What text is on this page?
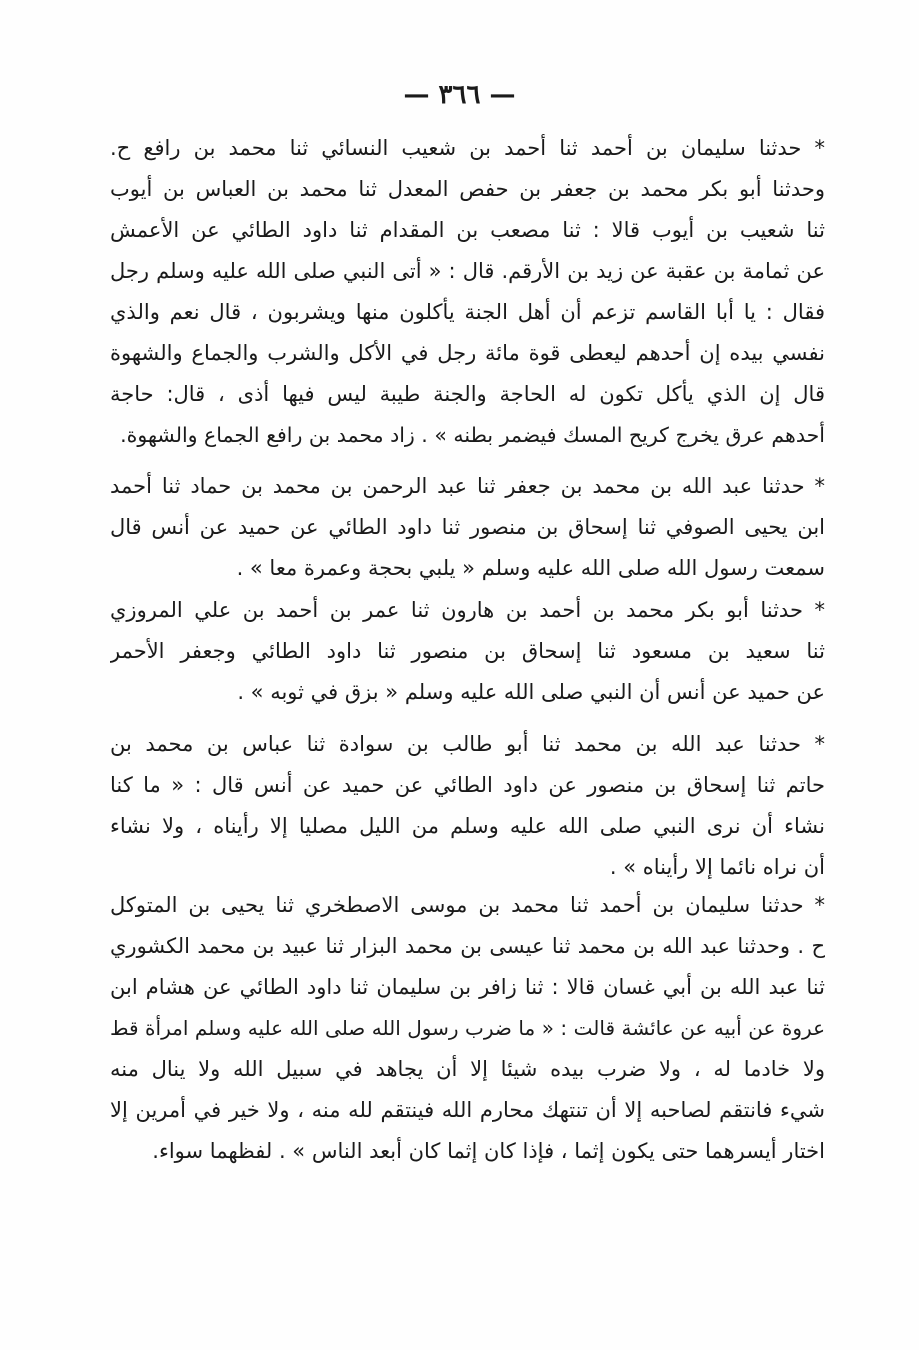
— ٣٦٦ —
* حدثنا سليمان بن أحمد ثنا أحمد بن شعيب النسائي ثنا محمد بن رافع ح.
وحدثنا أبو بكر محمد بن جعفر بن حفص المعدل ثنا محمد بن العباس بن أيوب
ثنا شعيب بن أيوب قالا : ثنا مصعب بن المقدام ثنا داود الطائي عن الأعمش
عن ثمامة بن عقبة عن زيد بن الأرقم. قال : « أتى النبي صلى الله عليه وسلم رجل
فقال : يا أبا القاسم تزعم أن أهل الجنة يأكلون منها ويشربون ، قال نعم والذي
نفسي بيده إن أحدهم ليعطى قوة مائة رجل في الأكل والشرب والجماع والشهوة
قال إن الذي يأكل تكون له الحاجة والجنة طيبة ليس فيها أذى ، قال: حاجة
أحدهم عرق يخرج كريح المسك فيضمر بطنه » . زاد محمد بن رافع الجماع والشهوة.
* حدثنا عبد الله بن محمد بن جعفر ثنا عبد الرحمن بن محمد بن حماد ثنا أحمد
ابن يحيى الصوفي ثنا إسحاق بن منصور ثنا داود الطائي عن حميد عن أنس قال
سمعت رسول الله صلى الله عليه وسلم « يلبي بحجة وعمرة معا » .
* حدثنا أبو بكر محمد بن أحمد بن هارون ثنا عمر بن أحمد بن علي المروزي
ثنا سعيد بن مسعود ثنا إسحاق بن منصور ثنا داود الطائي وجعفر الأحمر
عن حميد عن أنس أن النبي صلى الله عليه وسلم « بزق في ثوبه » .
* حدثنا عبد الله بن محمد ثنا أبو طالب بن سوادة ثنا عباس بن محمد بن
حاتم ثنا إسحاق بن منصور عن داود الطائي عن حميد عن أنس قال : « ما كنا
نشاء أن نرى النبي صلى الله عليه وسلم من الليل مصليا إلا رأيناه ، ولا نشاء
أن نراه نائما إلا رأيناه » .
* حدثنا سليمان بن أحمد ثنا محمد بن موسى الاصطخري ثنا يحيى بن المتوكل
ح . وحدثنا عبد الله بن محمد ثنا عيسى بن محمد البزار ثنا عبيد بن محمد الكشوري
ثنا عبد الله بن أبي غسان قالا : ثنا زافر بن سليمان ثنا داود الطائي عن هشام ابن
عروة عن أبيه عن عائشة قالت : « ما ضرب رسول الله صلى الله عليه وسلم امرأة قط
ولا خادما له ، ولا ضرب بيده شيئا إلا أن يجاهد في سبيل الله ولا ينال منه
شيء فانتقم لصاحبه إلا أن تنتهك محارم الله فينتقم لله منه ، ولا خير في أمرين إلا
اختار أيسرهما حتى يكون إثما ، فإذا كان إثما كان أبعد الناس » . لفظهما سواء.
